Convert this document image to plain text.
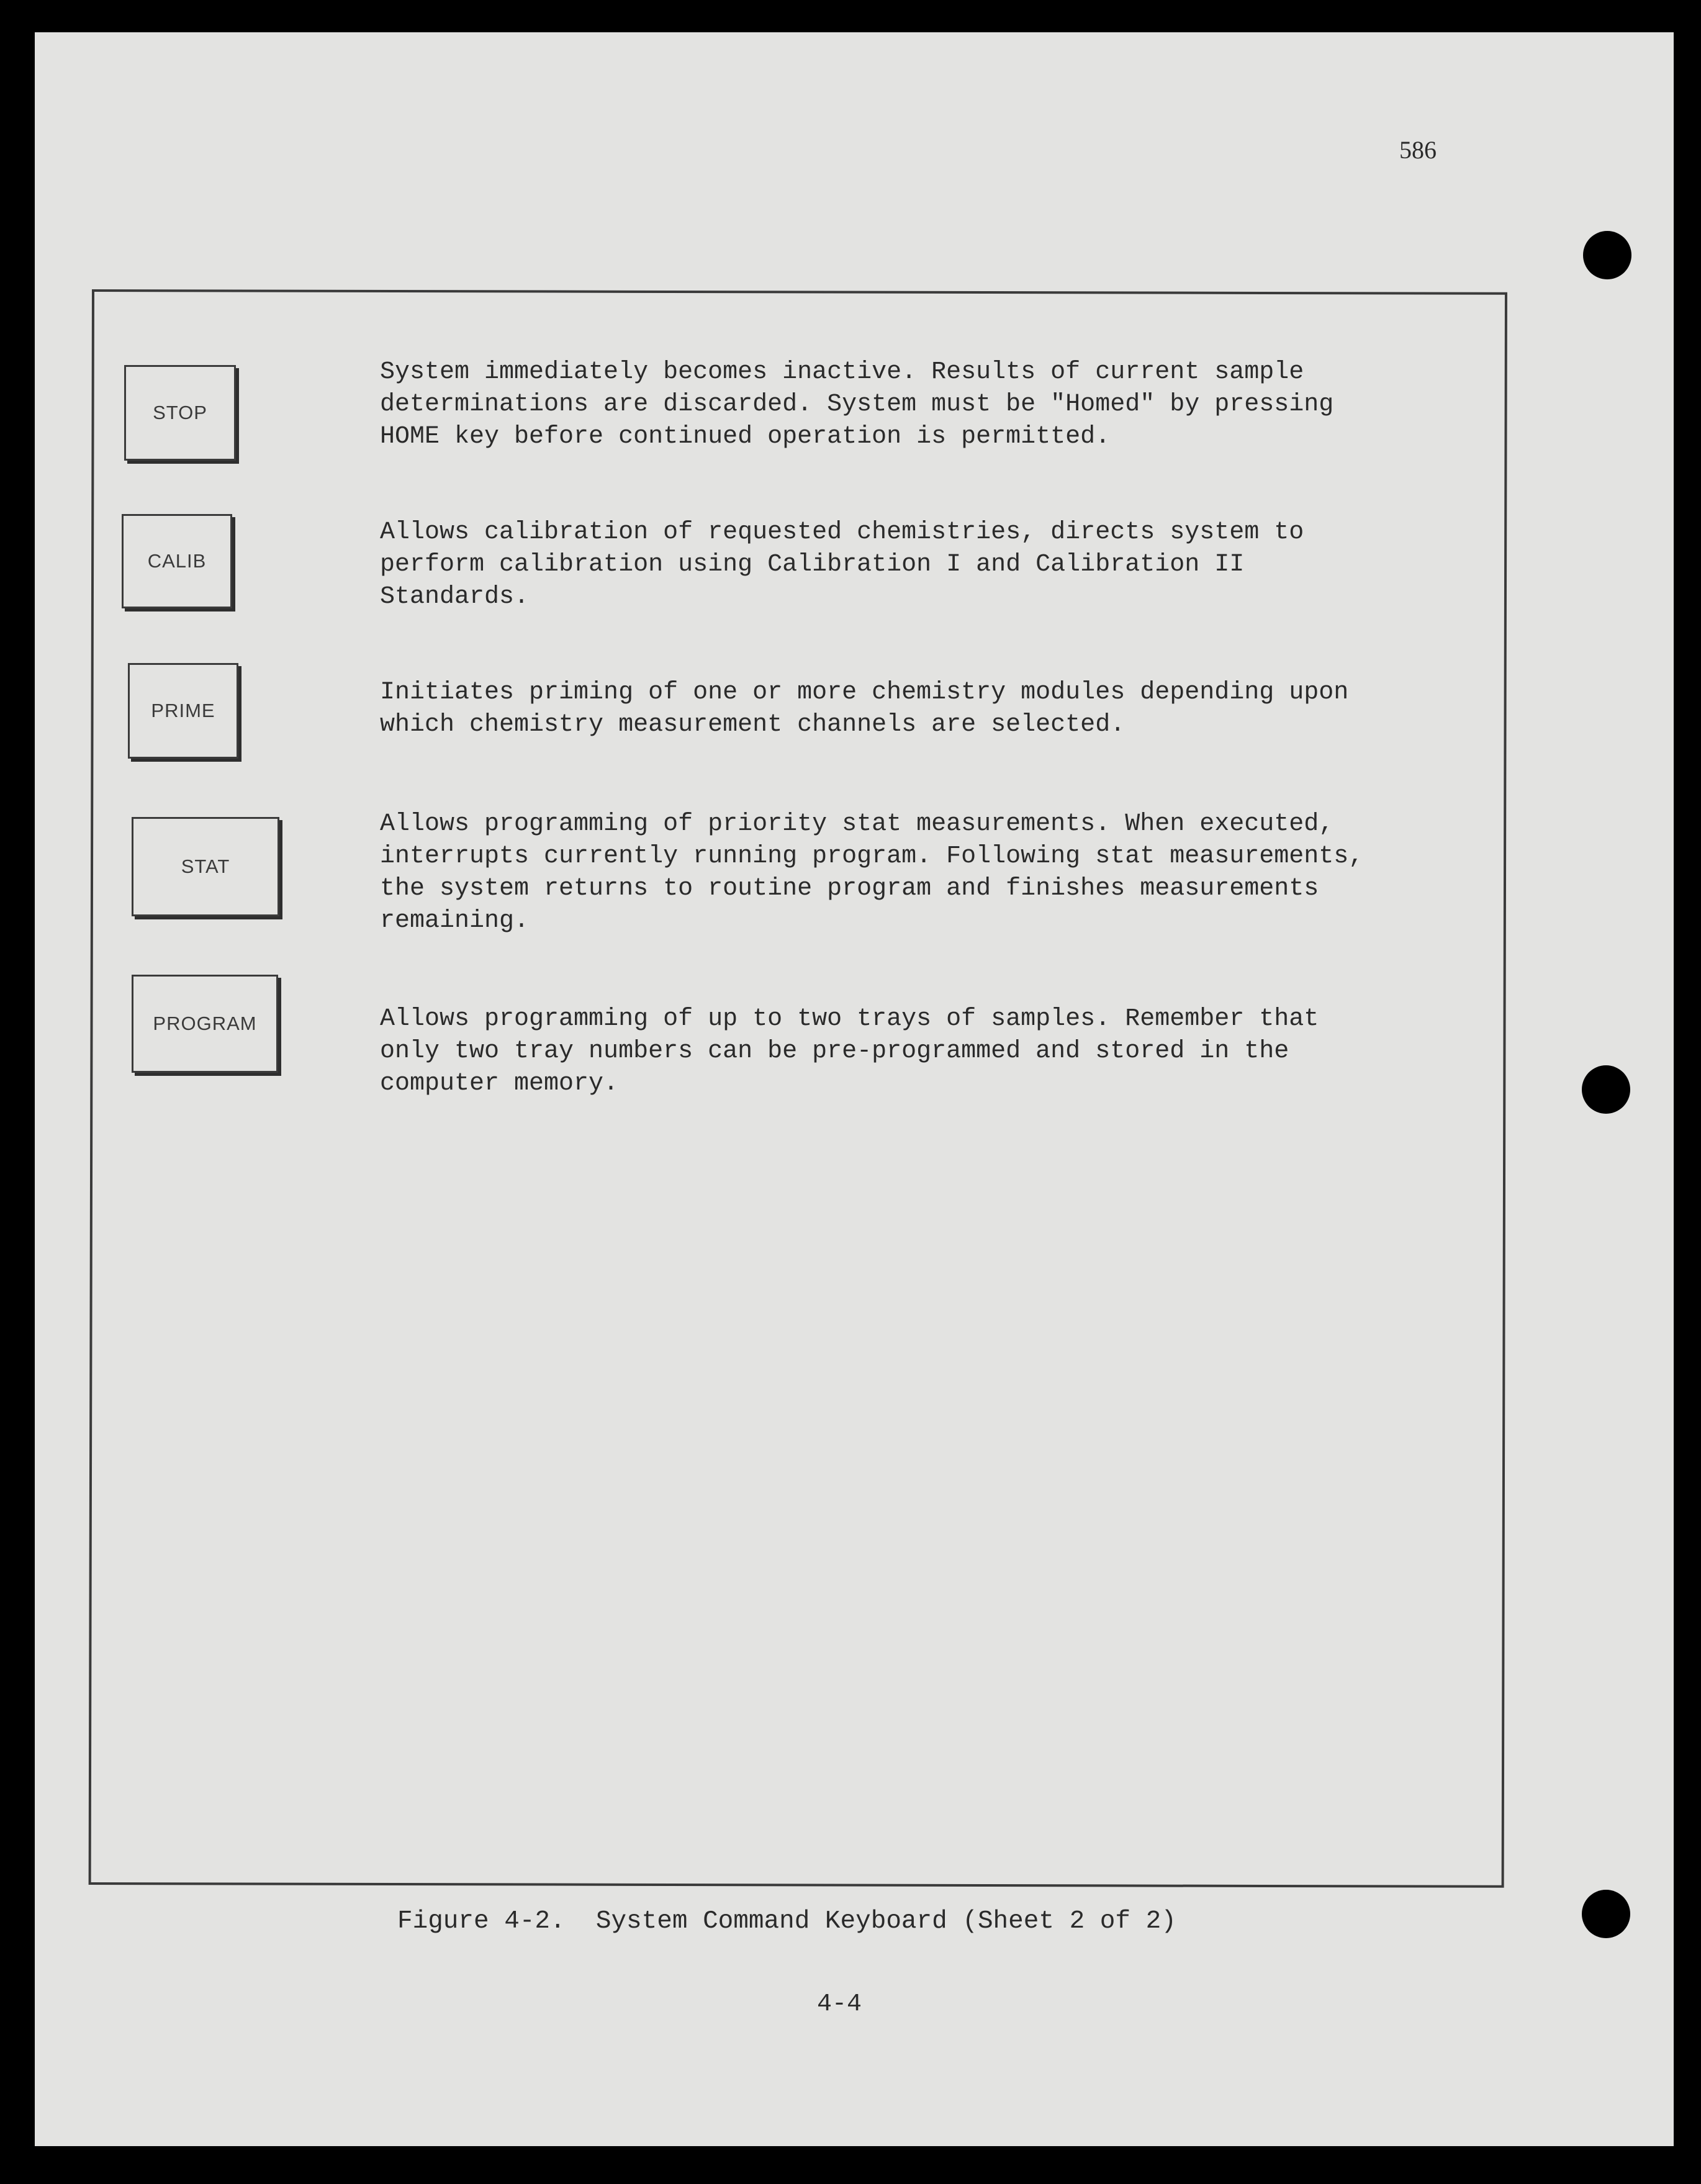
586
STOP

System immediately becomes inactive. Results of current sample
determinations are discarded. System must be "Homed" by pressing
HOME key before continued operation is permitted.

CALIB

Allows calibration of requested chemistries, directs system to
perform calibration using Calibration I and Calibration II
Standards.

PRIME

Initiates priming of one or more chemistry modules depending upon
which chemistry measurement channels are selected.

STAT

Allows programming of priority stat measurements. When executed,
interrupts currently running program. Following stat measurements,
the system returns to routine program and finishes measurements
remaining.

PROGRAM	Allows programming of up to two trays of samples. Remember that
only two tray numbers can be pre-programmed and stored in the
computer memory.

Figure 4-2.  System Command Keyboard (Sheet 2 of 2)
4-4
